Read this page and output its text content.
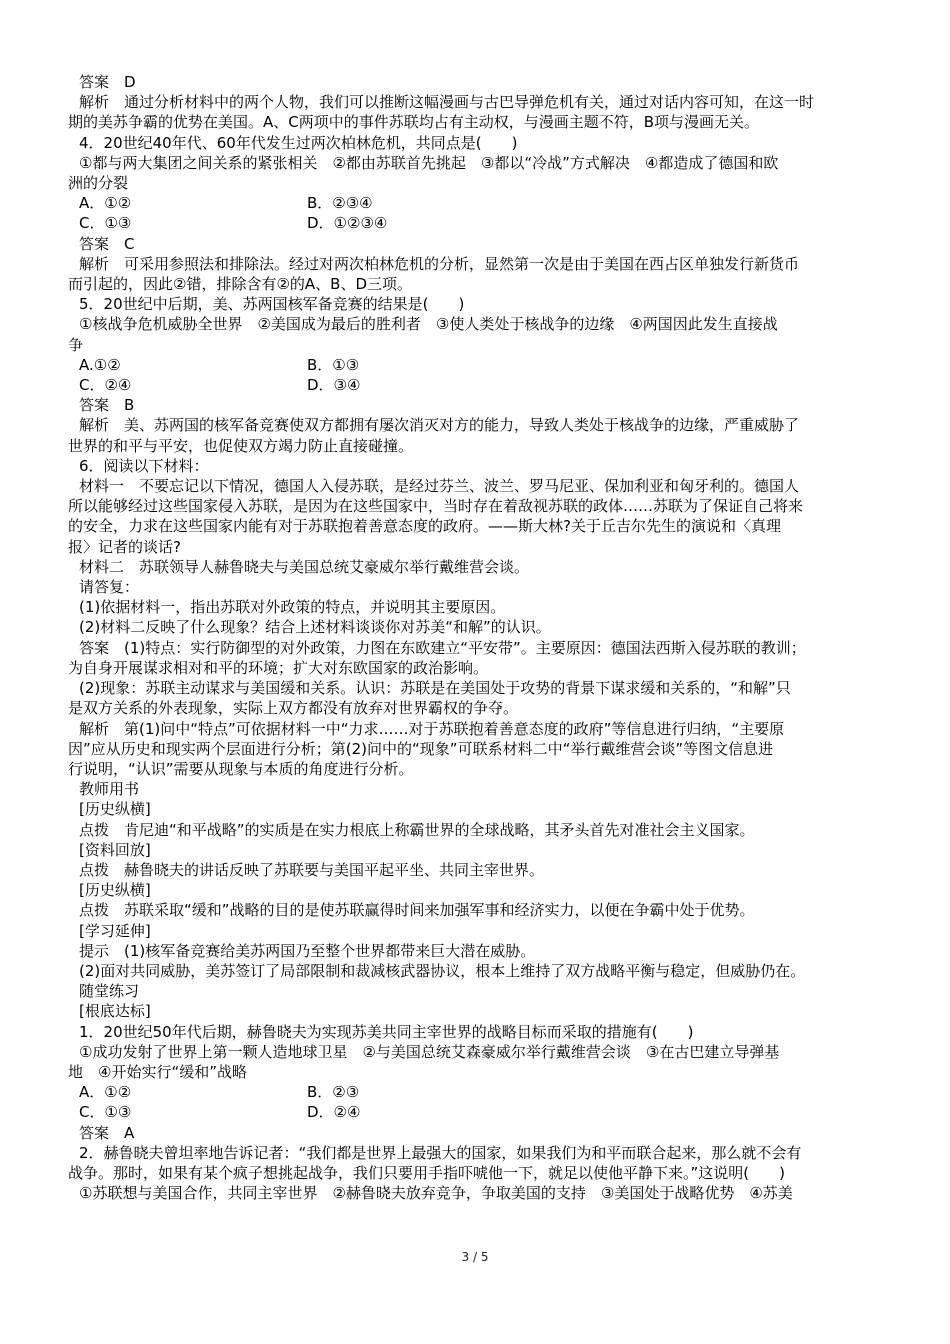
答案　D

解析　通过分析材料中的两个人物，我们可以推断这幅漫画与古巴导弹危机有关，通过对话内容可知，在这一时

期的美苏争霸的优势在美国。A、C两项中的事件苏联均占有主动权，与漫画主题不符，B项与漫画无关。

4．20世纪40年代、60年代发生过两次柏林危机，共同点是(　　)

①都与两大集团之间关系的紧张相关　②都由苏联首先挑起　③都以“冷战”方式解决　④都造成了德国和欧

洲的分裂

A．①②	B．②③④
C．①③	D．①②③④

答案　C

解析　可采用参照法和排除法。经过对两次柏林危机的分析，显然第一次是由于美国在西占区单独发行新货币

而引起的，因此②错，排除含有②的A、B、D三项。

5．20世纪中后期，美、苏两国核军备竞赛的结果是(　　)

①核战争危机威胁全世界　②美国成为最后的胜利者　③使人类处于核战争的边缘　④两国因此发生直接战

争

A.①②	B．①③
C．②④	D．③④

答案　B

解析　美、苏两国的核军备竞赛使双方都拥有屡次消灭对方的能力，导致人类处于核战争的边缘，严重威胁了

世界的和平与平安，也促使双方竭力防止直接碰撞。

6．阅读以下材料：

材料一　不要忘记以下情况，德国人入侵苏联，是经过芬兰、波兰、罗马尼亚、保加利亚和匈牙利的。德国人

所以能够经过这些国家侵入苏联，是因为在这些国家中，当时存在着敌视苏联的政体……苏联为了保证自己将来

的安全，力求在这些国家内能有对于苏联抱着善意态度的政府。——斯大林?关于丘吉尔先生的演说和〈真理

报〉记者的谈话?

材料二　苏联领导人赫鲁晓夫与美国总统艾豪威尔举行戴维营会谈。

请答复：

(1)依据材料一，指出苏联对外政策的特点，并说明其主要原因。

(2)材料二反映了什么现象？结合上述材料谈谈你对苏美“和解”的认识。

答案　(1)特点：实行防御型的对外政策，力图在东欧建立“平安带”。主要原因：德国法西斯入侵苏联的教训；

为自身开展谋求相对和平的环境；扩大对东欧国家的政治影响。

(2)现象：苏联主动谋求与美国缓和关系。认识：苏联是在美国处于攻势的背景下谋求缓和关系的，“和解”只

是双方关系的外表现象，实际上双方都没有放弃对世界霸权的争夺。

解析　第(1)问中“特点”可依据材料一中“力求……对于苏联抱着善意态度的政府”等信息进行归纳，“主要原

因”应从历史和现实两个层面进行分析；第(2)问中的“现象”可联系材料二中“举行戴维营会谈”等图文信息进

行说明，“认识”需要从现象与本质的角度进行分析。

教师用书

[历史纵横]

点拨　肯尼迪“和平战略”的实质是在实力根底上称霸世界的全球战略，其矛头首先对准社会主义国家。

[资料回放]

点拨　赫鲁晓夫的讲话反映了苏联要与美国平起平坐、共同主宰世界。

[历史纵横]

点拨　苏联采取“缓和”战略的目的是使苏联赢得时间来加强军事和经济实力，以便在争霸中处于优势。

[学习延伸]

提示　(1)核军备竞赛给美苏两国乃至整个世界都带来巨大潜在威胁。

(2)面对共同威胁，美苏签订了局部限制和裁减核武器协议，根本上维持了双方战略平衡与稳定，但威胁仍在。

随堂练习

[根底达标]

1．20世纪50年代后期，赫鲁晓夫为实现苏美共同主宰世界的战略目标而采取的措施有(　　)

①成功发射了世界上第一颗人造地球卫星　②与美国总统艾森豪威尔举行戴维营会谈　③在古巴建立导弹基

地　④开始实行“缓和”战略

A．①②	B．②③
C．①③	D．②④

答案　A

2．赫鲁晓夫曾坦率地告诉记者：“我们都是世界上最强大的国家，如果我们为和平而联合起来，那么就不会有

战争。那时，如果有某个疯子想挑起战争，我们只要用手指吓唬他一下，就足以使他平静下来。”这说明(　　)

①苏联想与美国合作，共同主宰世界　②赫鲁晓夫放弃竞争，争取美国的支持　③美国处于战略优势　④苏美

3 / 5
